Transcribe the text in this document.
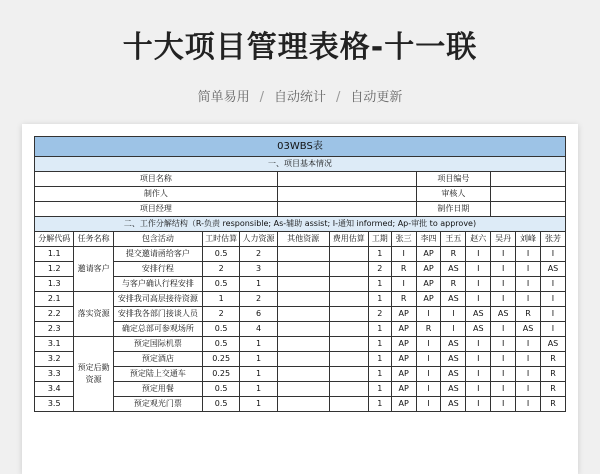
十大项目管理表格-十一联
简单易用 / 自动统计 / 自动更新
03WBS表														
一、项目基本情况														
项目名称									项目编号					
制作人									审核人					
项目经理									制作日期					
二、工作分解结构（R-负责 responsible; As-辅助 assist; I-通知 informed; Ap-审批 to approve)														
分解代码	任务名称	包含活动	工时估算	人力资源	其他资源	费用估算	工期	张三	李四	王五	赵六	吴丹	刘峰	张芳
1.1	邀请客户	提交邀请函给客户	0.5	2			1	I	AP	R	I	I	I	I
1.2		安排行程	2	3			2	R	AP	AS	I	I	I	AS
1.3		与客户确认行程安排	0.5	1			1	I	AP	R	I	I	I	I
2.1	落实资源	安排我司高层接待资源	1	2			1	R	AP	AS	I	I	I	I
2.2		安排我各部门接谈人员	2	6			2	AP	I	I	AS	AS	R	I
2.3		确定总部可参观场所	0.5	4			1	AP	R	I	AS	I	AS	I
3.1	预定后勤资源	预定国际机票	0.5	1			1	AP	I	AS	I	I	I	AS
3.2		预定酒店	0.25	1			1	AP	I	AS	I	I	I	R
3.3		预定陆上交通车	0.25	1			1	AP	I	AS	I	I	I	R
3.4		预定用餐	0.5	1			1	AP	I	AS	I	I	I	R
3.5		预定观光门票	0.5	1			1	AP	I	AS	I	I	I	R
